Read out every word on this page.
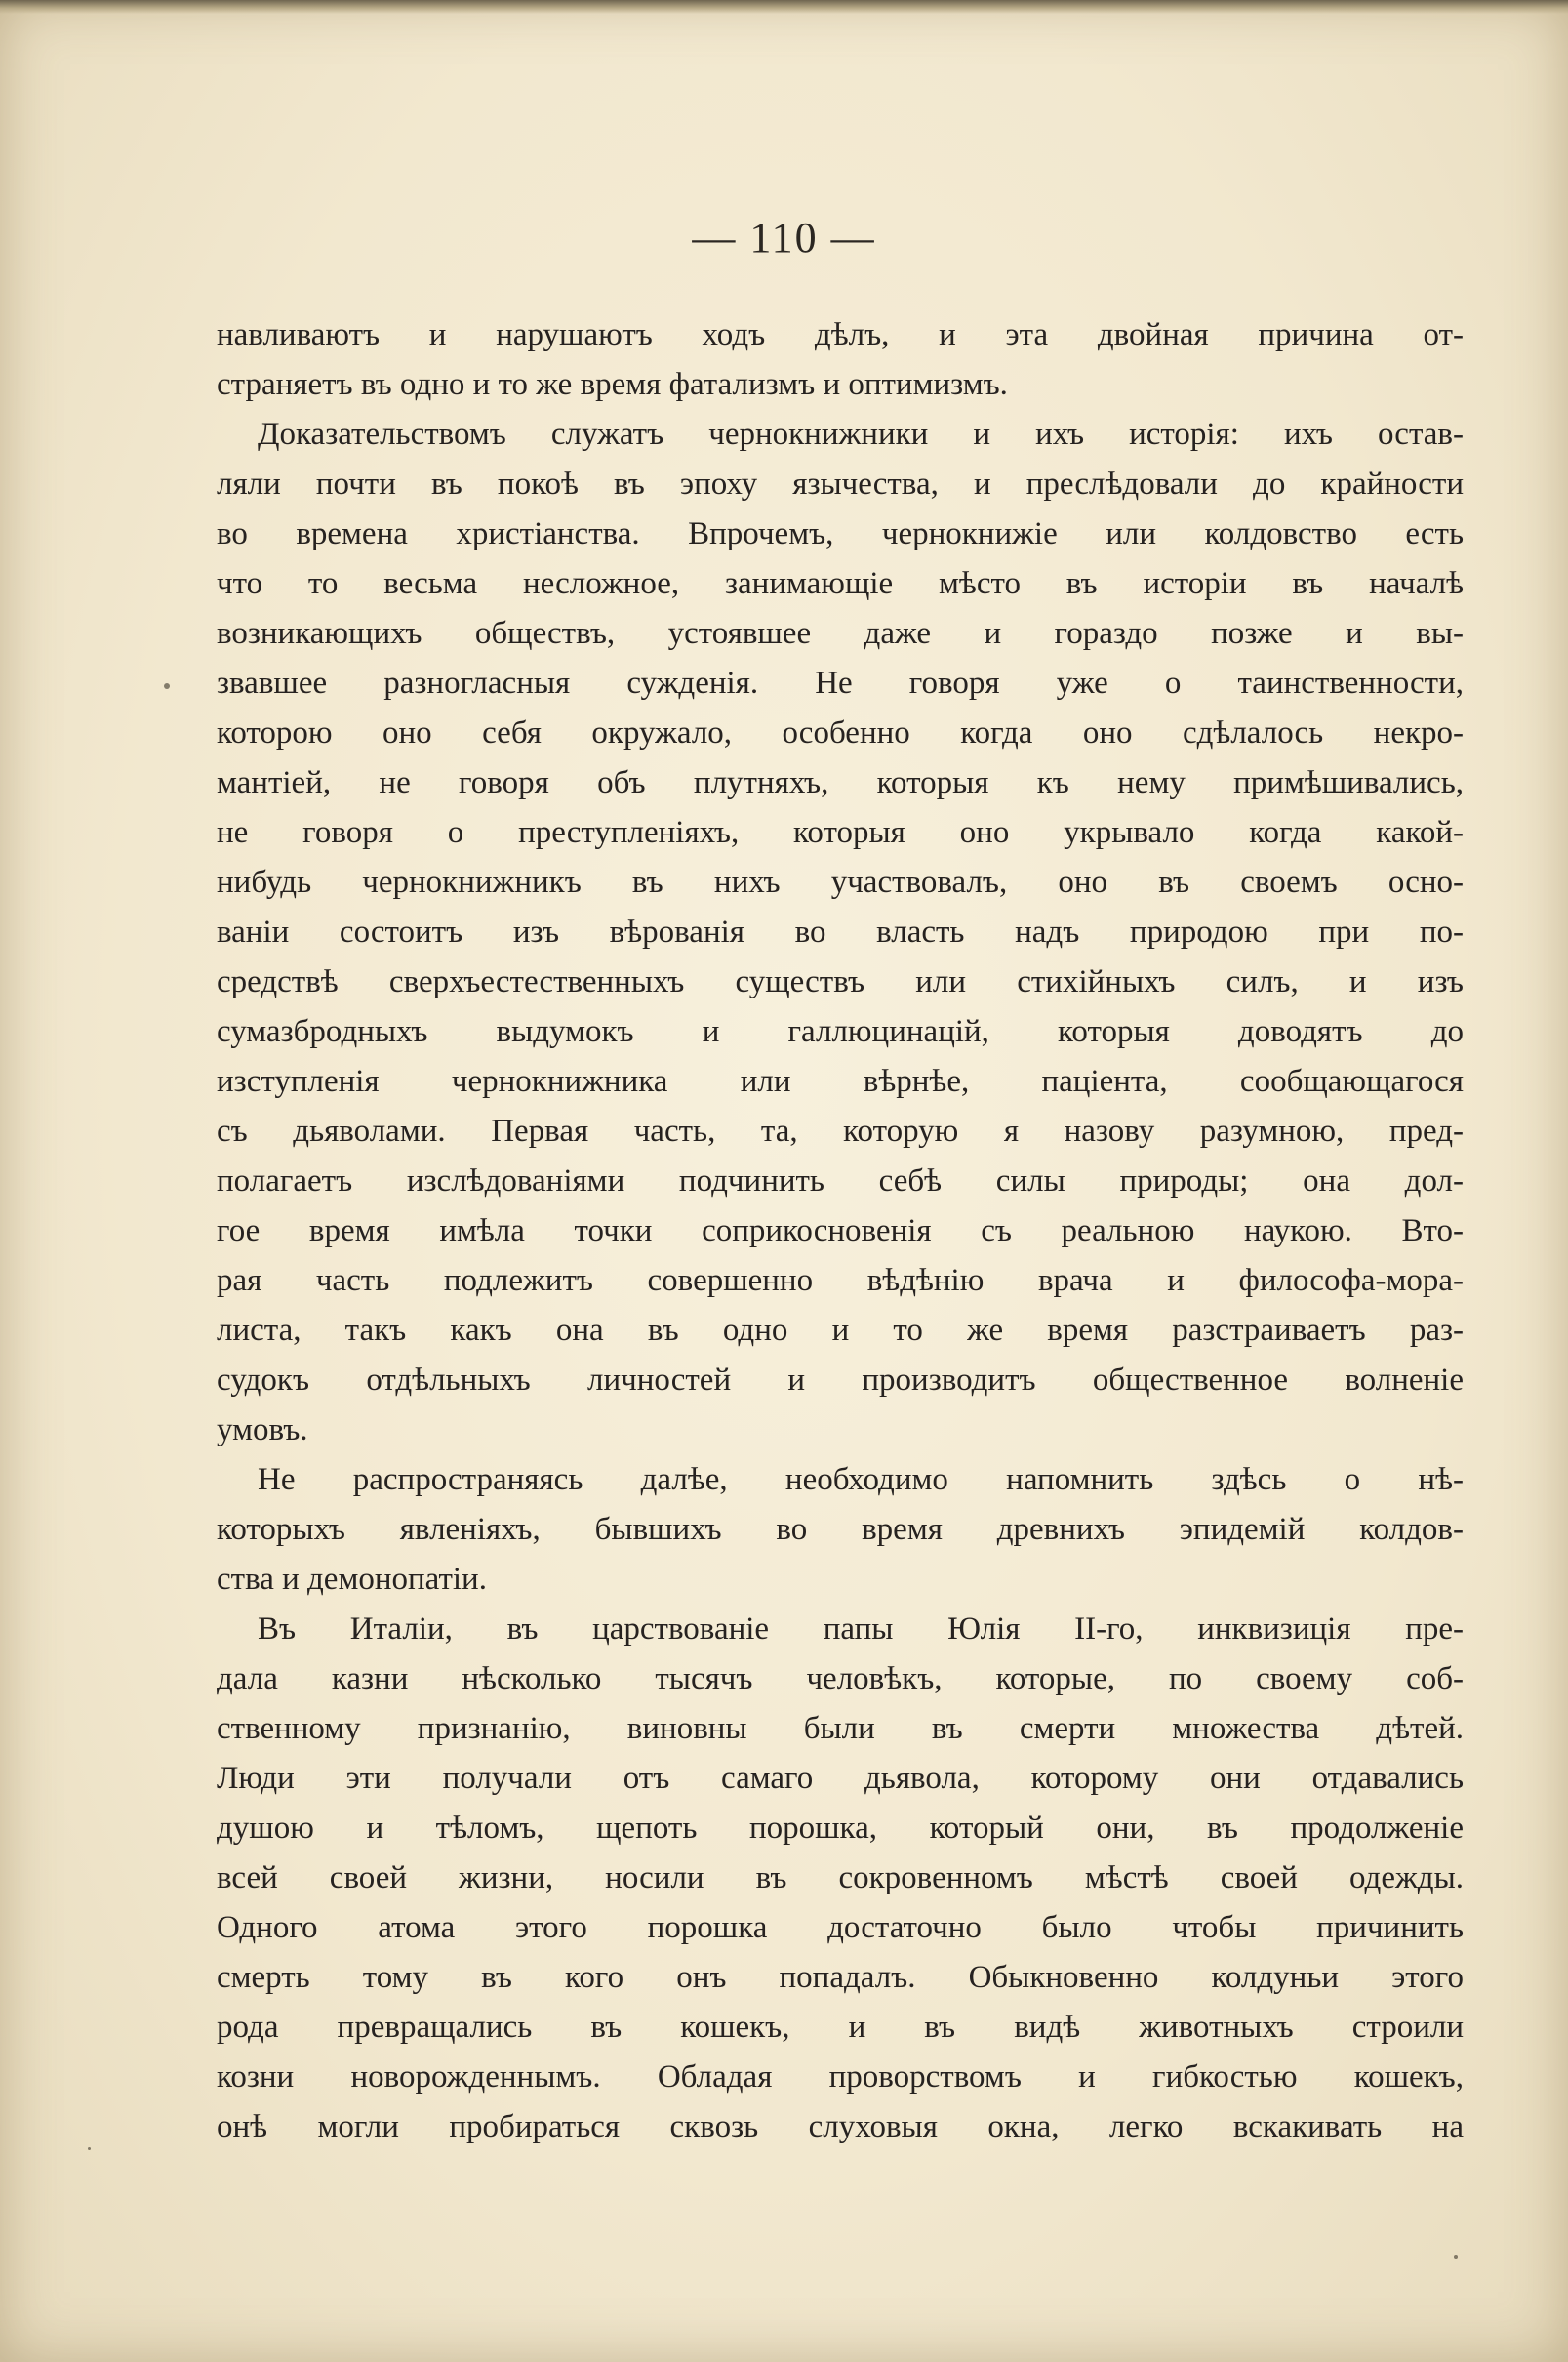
— 110 —
навливаютъ и нарушаютъ ходъ дѣлъ, и эта двойная причина от-
страняетъ въ одно и то же время фатализмъ и оптимизмъ.
Доказательствомъ служатъ чернокнижники и ихъ исторія: ихъ остав-
ляли почти въ покоѣ въ эпоху язычества, и преслѣдовали до крайности
во времена христіанства. Впрочемъ, чернокнижіе или колдовство есть
что то весьма несложное, занимающіе мѣсто въ исторіи въ началѣ
возникающихъ обществъ, устоявшее даже и гораздо позже и вы-
звавшее разногласныя сужденія. Не говоря уже о таинственности,
которою оно себя окружало, особенно когда оно сдѣлалось некро-
мантіей, не говоря объ плутняхъ, которыя къ нему примѣшивались,
не говоря о преступленіяхъ, которыя оно укрывало когда какой-
нибудь чернокнижникъ въ нихъ участвовалъ, оно въ своемъ осно-
ваніи состоитъ изъ вѣрованія во власть надъ природою при по-
средствѣ сверхъестественныхъ существъ или стихійныхъ силъ, и изъ
сумазбродныхъ выдумокъ и галлюцинацій, которыя доводятъ до
изступленія чернокнижника или вѣрнѣе, паціента, сообщающагося
съ дьяволами. Первая часть, та, которую я назову разумною, пред-
полагаетъ изслѣдованіями подчинить себѣ силы природы; она дол-
гое время имѣла точки соприкосновенія съ реальною наукою. Вто-
рая часть подлежитъ совершенно вѣдѣнію врача и философа-мора-
листа, такъ какъ она въ одно и то же время разстраиваетъ раз-
судокъ отдѣльныхъ личностей и производитъ общественное волненіе
умовъ.
Не распространяясь далѣе, необходимо напомнить здѣсь о нѣ-
которыхъ явленіяхъ, бывшихъ во время древнихъ эпидемій колдов-
ства и демонопатіи.
Въ Италіи, въ царствованіе папы Юлія II-го, инквизиція пре-
дала казни нѣсколько тысячъ человѣкъ, которые, по своему соб-
ственному признанію, виновны были въ смерти множества дѣтей.
Люди эти получали отъ самаго дьявола, которому они отдавались
душою и тѣломъ, щепоть порошка, который они, въ продолженіе
всей своей жизни, носили въ сокровенномъ мѣстѣ своей одежды.
Одного атома этого порошка достаточно было чтобы причинить
смерть тому въ кого онъ попадалъ. Обыкновенно колдуньи этого
рода превращались въ кошекъ, и въ видѣ животныхъ строили
козни новорожденнымъ. Обладая проворствомъ и гибкостью кошекъ,
онѣ могли пробираться сквозь слуховыя окна, легко вскакивать на
